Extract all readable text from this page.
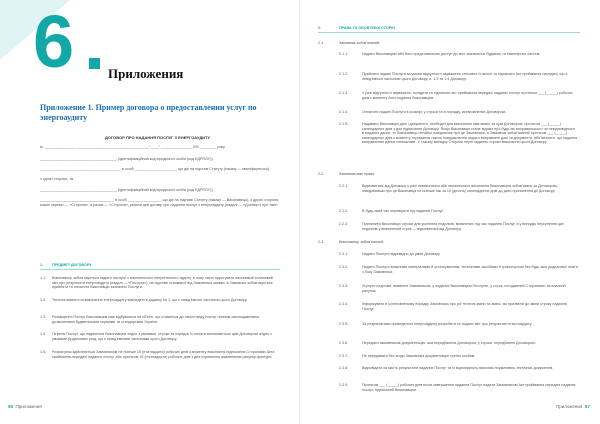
6	Приложения
Приложение 1. Пример договора о предоставлении услуг по энергоаудиту
ДОГОВОР ПРО НАДАННЯ ПОСЛУГ З ЕНЕРГОАУДИТУ
м. _______________ ___________________________________ "____" _______________ 201 ________ року
_____________________________________, (ідентифікаційний код юридичної особи (код ЄДРПОУ))
_______________________________________, в особі ____________________, що діє на підставі Статуту (наказу — кваліфікуючого),
з однієї сторони, та
_____________________________________, (ідентифікаційний код юридичної особи (код ЄДРПОУ))
____________________________________ в особі ________________, що діє на підставі Статуту (наказу — Виконавець), з другої сторони, кожен окремо — «Сторона», а разом — «Сторони», уклали цей договір про надання послуг з енергоаудиту (надалі — «Договір») про таке:
1. ПРЕДМЕТ ДОГОВОРУ
1.1. Виконавець зобов'язується надати послуги з комплексного енергетичного аудиту, в тому числі підготувати письмовий сплановий звіт про результати енергоаудиту (надалі — «Послуги»), на підставі отриманої від Замовника заявки, а Замовник зобов'язується прийняти та оплатити Виконавцю зазначені Послуги.
1.2. Технічні вимоги на виконання енергоаудиту викладені в додатку № 1, що є невід'ємною частиною цього Договору.
1.3. Розміщення Послуг Виконавцем має відбуватися на об'єкті, що ставиться до такого виду послуг чинним законодавством, дозволеними будівельними нормами та стандартами України.
1.4. Перелік Послуг, що надаються Виконавцем згідно з умовами, строки та порядок їх оплати визначаються цим Договором згідно з умовами Додаткових угод, що є невід'ємними частинами цього Договору.
1.5. Розрахунок здійснюється Замовником не пізніше 15 (п'ятнадцяти) робочих днів з моменту виконання підписання Сторонами Акта приймання-передачі наданих послуг або протягом 15 (п'ятнадцяти) робочих днів з дня отримання замовником рахунку-фактури.
56 Приложения
2.	ПРАВА ТА ОБОВ'ЯЗКИ СТОРІН
2.1.	Замовник зобов'язаний:
2.1.1.	Надати Виконавцеві або його представникові доступ до всіх зазначених будівель та інженерних систем.
2.1.2.	Прийняти надані Послуги за умови відсутності зауважень стосовно їх якості та підписати Акт приймання-передачі, що є невід'ємною частиною цього Договору, п. 1.3 та 1.4 Договору.
2.1.3.	У разі відсутності зауважень, погодити та підписати акт приймання-передачі наданих послуг протягом ___ (_____) робочих днів з моменту його подання Виконавцем.
2.1.4.	Оплатити надані Послуги в розмірі, у строки та в порядку, встановлених Договором.
2.1.5.	Надавати Виконавцю дані і документи, необхідні для виконання ним вимог за цим Договором, протягом ___ (_____) календарних днів з дня підписання Договору. Якщо Виконавцю стане відомо про будь-які неправильності чи невідповідності в наданих даних, то Виконавець негайно повідомляє про це Замовника, а Замовник зобов'язаний протягом ___ (_____) календарних днів з моменту отримання такого повідомлення надати виправлені дані чи документи, або визнати, що надання виправлених даних неможливе. У такому випадку Сторони переглядають строки виконання цього Договору.
2.2.	Замовник має право:
2.2.1.	Відмовитись від Договору у разі невиконання або неналежного виконання Виконавцем зобов'язань за Договором, повідомивши про це Виконавця не пізніше ніж за 10 (десять) календарних днів до дати припинення дії Договору.
2.2.2.	В будь-який час перевіряти хід надання Послуг.
2.2.3.	Припинити Виконавцю строки для усунення недоліків, виявлених під час надання Послуг, а у випадку неусунення цих недоліків у визначений строк — відмовитися від Договору.
2.3.	Виконавець зобов'язаний:
2.3.1.	Надати Послуги відповідно до умов Договору.
2.3.2.	Надати Послуги власними матеріалами й устаткуванням, технічними засобами й транспортом без будь-якої додаткової плати з боку Замовника.
2.3.3.	Усунути недоліки, виявлені Замовником, у наданих Виконавцем Послугах, у строк, погоджений Сторонами, за власний рахунок.
2.3.4.	Інформувати в установленому порядку Замовника про усі технічні зміни та зміни, які призвели до зміни строку надання Послуг.
2.3.5.	За результатами проведеного енергоаудиту розробити та подати звіт про результати енергоаудиту.
2.3.6.	Передати замовникові документацію, яка передбачена Договором, у строки, передбачені Договором.
2.3.7.	Не передавати без згоди Замовника документацію третім особам.
2.3.8.	Відповідати за якість результатів наданих Послуг та їх відповідність вимогам нормативно-технічних документів.
2.3.9.	Протягом ___ (_____) робочих днів після завершення надання Послуг надати Замовникові Акт приймання-передачі наданих послуг, підписаний Виконавцем.
Приложения 57
